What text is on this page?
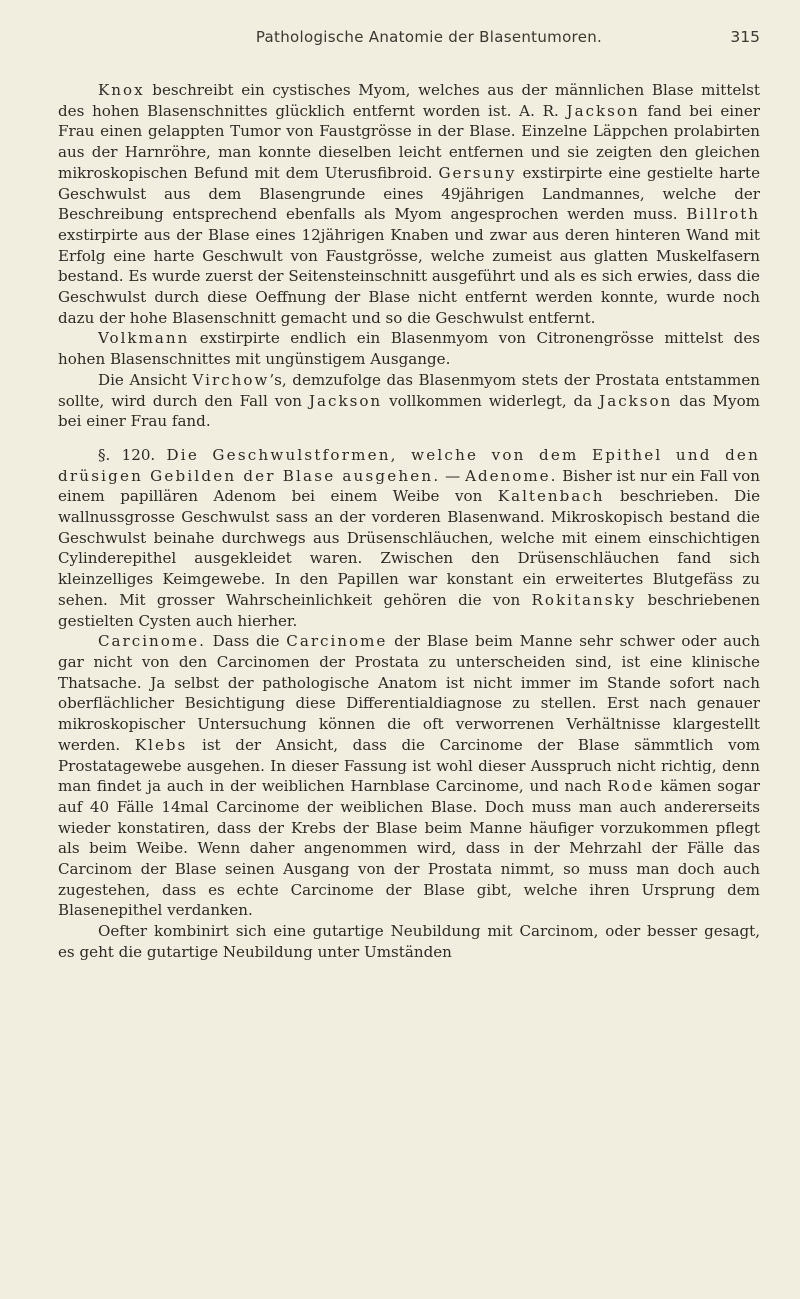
Pathologische Anatomie der Blasentumoren.	315

Knox beschreibt ein cystisches Myom, welches aus der männlichen Blase mittelst des hohen Blasenschnittes glücklich entfernt worden ist. A. R. Jackson fand bei einer Frau einen gelappten Tumor von Faustgrösse in der Blase. Einzelne Läppchen prolabirten aus der Harnröhre, man konnte dieselben leicht entfernen und sie zeigten den gleichen mikroskopischen Befund mit dem Uterusfibroid. Gersuny exstirpirte eine gestielte harte Geschwulst aus dem Blasengrunde eines 49jährigen Landmannes, welche der Beschreibung entsprechend ebenfalls als Myom angesprochen werden muss. Billroth exstirpirte aus der Blase eines 12jährigen Knaben und zwar aus deren hinteren Wand mit Erfolg eine harte Geschwult von Faustgrösse, welche zumeist aus glatten Muskelfasern bestand. Es wurde zuerst der Seitensteinschnitt ausgeführt und als es sich erwies, dass die Geschwulst durch diese Oeffnung der Blase nicht entfernt werden konnte, wurde noch dazu der hohe Blasenschnitt gemacht und so die Geschwulst entfernt.

Volkmann exstirpirte endlich ein Blasenmyom von Citronengrösse mittelst des hohen Blasenschnittes mit ungünstigem Ausgange.

Die Ansicht Virchow’s, demzufolge das Blasenmyom stets der Prostata entstammen sollte, wird durch den Fall von Jackson vollkommen widerlegt, da Jackson das Myom bei einer Frau fand.

§. 120. Die Geschwulstformen, welche von dem Epithel und den drüsigen Gebilden der Blase ausgehen. — Adenome. Bisher ist nur ein Fall von einem papillären Adenom bei einem Weibe von Kaltenbach beschrieben. Die wallnussgrosse Geschwulst sass an der vorderen Blasenwand. Mikroskopisch bestand die Geschwulst beinahe durchwegs aus Drüsenschläuchen, welche mit einem einschichtigen Cylinderepithel ausgekleidet waren. Zwischen den Drüsenschläuchen fand sich kleinzelliges Keimgewebe. In den Papillen war konstant ein erweitertes Blutgefäss zu sehen. Mit grosser Wahrscheinlichkeit gehören die von Rokitansky beschriebenen gestielten Cysten auch hierher.

Carcinome. Dass die Carcinome der Blase beim Manne sehr schwer oder auch gar nicht von den Carcinomen der Prostata zu unterscheiden sind, ist eine klinische Thatsache. Ja selbst der pathologische Anatom ist nicht immer im Stande sofort nach oberflächlicher Besichtigung diese Differentialdiagnose zu stellen. Erst nach genauer mikroskopischer Untersuchung können die oft verworrenen Verhältnisse klargestellt werden. Klebs ist der Ansicht, dass die Carcinome der Blase sämmtlich vom Prostatagewebe ausgehen. In dieser Fassung ist wohl dieser Ausspruch nicht richtig, denn man findet ja auch in der weiblichen Harnblase Carcinome, und nach Rode kämen sogar auf 40 Fälle 14mal Carcinome der weiblichen Blase. Doch muss man auch andererseits wieder konstatiren, dass der Krebs der Blase beim Manne häufiger vorzukommen pflegt als beim Weibe. Wenn daher angenommen wird, dass in der Mehrzahl der Fälle das Carcinom der Blase seinen Ausgang von der Prostata nimmt, so muss man doch auch zugestehen, dass es echte Carcinome der Blase gibt, welche ihren Ursprung dem Blasenepithel verdanken.

Oefter kombinirt sich eine gutartige Neubildung mit Carcinom, oder besser gesagt, es geht die gutartige Neubildung unter Umständen
